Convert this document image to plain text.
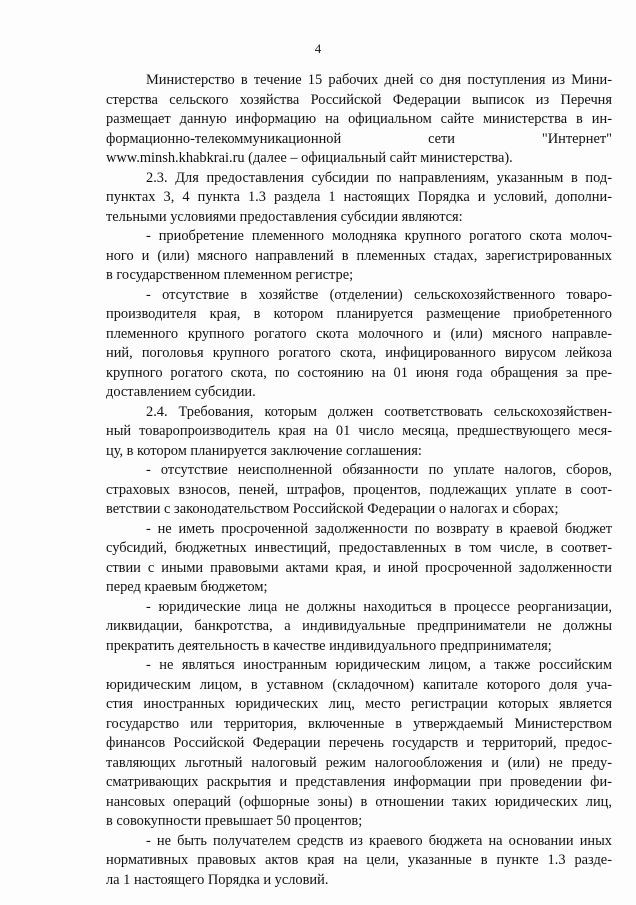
4
Министерство в течение 15 рабочих дней со дня поступления из Мини-
стерства сельского хозяйства Российской Федерации выписок из Перечня
размещает данную информацию на официальном сайте министерства в ин-
формационно-телекоммуникационной сети "Интернет"
www.minsh.khabkrai.ru (далее – официальный сайт министерства).
2.3. Для предоставления субсидии по направлениям, указанным в под-
пунктах 3, 4 пункта 1.3 раздела 1 настоящих Порядка и условий, дополни-
тельными условиями предоставления субсидии являются:
- приобретение племенного молодняка крупного рогатого скота молоч-
ного и (или) мясного направлений в племенных стадах, зарегистрированных
в государственном племенном регистре;
- отсутствие в хозяйстве (отделении) сельскохозяйственного товаро-
производителя края, в котором планируется размещение приобретенного
племенного крупного рогатого скота молочного и (или) мясного направле-
ний, поголовья крупного рогатого скота, инфицированного вирусом лейкоза
крупного рогатого скота, по состоянию на 01 июня года обращения за пре-
доставлением субсидии.
2.4. Требования, которым должен соответствовать сельскохозяйствен-
ный товаропроизводитель края на 01 число месяца, предшествующего меся-
цу, в котором планируется заключение соглашения:
- отсутствие неисполненной обязанности по уплате налогов, сборов,
страховых взносов, пеней, штрафов, процентов, подлежащих уплате в соот-
ветствии с законодательством Российской Федерации о налогах и сборах;
- не иметь просроченной задолженности по возврату в краевой бюджет
субсидий, бюджетных инвестиций, предоставленных в том числе, в соответ-
ствии с иными правовыми актами края, и иной просроченной задолженности
перед краевым бюджетом;
- юридические лица не должны находиться в процессе реорганизации,
ликвидации, банкротства, а индивидуальные предприниматели не должны
прекратить деятельность в качестве индивидуального предпринимателя;
- не являться иностранным юридическим лицом, а также российским
юридическим лицом, в уставном (складочном) капитале которого доля уча-
стия иностранных юридических лиц, место регистрации которых является
государство или территория, включенные в утверждаемый Министерством
финансов Российской Федерации перечень государств и территорий, предос-
тавляющих льготный налоговый режим налогообложения и (или) не преду-
сматривающих раскрытия и представления информации при проведении фи-
нансовых операций (офшорные зоны) в отношении таких юридических лиц,
в совокупности превышает 50 процентов;
- не быть получателем средств из краевого бюджета на основании иных
нормативных правовых актов края на цели, указанные в пункте 1.3 разде-
ла 1 настоящего Порядка и условий.
